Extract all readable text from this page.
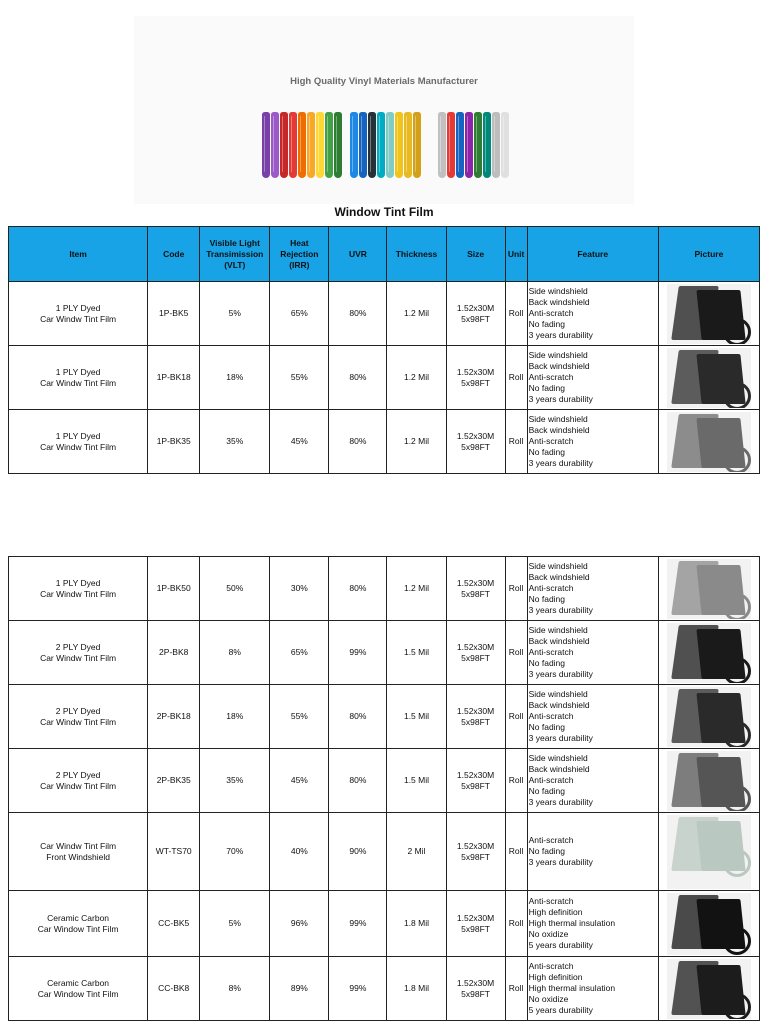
High Quality Vinyl Materials Manufacturer
Window Tint Film
Item	Code	Visible Light
Transimission
(VLT)	Heat
Rejection
(IRR)	UVR	Thickness	Size	Unit	Feature	Picture
1 PLY Dyed
Car Windw Tint Film	1P-BK5	5%	65%	80%	1.2 Mil	1.52x30M
5x98FT	Roll	Side windshield
Back windshield
Anti-scratch
No fading
3 years durability	

1 PLY Dyed
Car Windw Tint Film	1P-BK18	18%	55%	80%	1.2 Mil	1.52x30M
5x98FT	Roll	Side windshield
Back windshield
Anti-scratch
No fading
3 years durability	

1 PLY Dyed
Car Windw Tint Film	1P-BK35	35%	45%	80%	1.2 Mil	1.52x30M
5x98FT	Roll	Side windshield
Back windshield
Anti-scratch
No fading
3 years durability	
1 PLY Dyed
Car Windw Tint Film	1P-BK50	50%	30%	80%	1.2 Mil	1.52x30M
5x98FT	Roll	Side windshield
Back windshield
Anti-scratch
No fading
3 years durability	

2 PLY Dyed
Car Windw Tint Film	2P-BK8	8%	65%	99%	1.5 Mil	1.52x30M
5x98FT	Roll	Side windshield
Back windshield
Anti-scratch
No fading
3 years durability	

2 PLY Dyed
Car Windw Tint Film	2P-BK18	18%	55%	80%	1.5 Mil	1.52x30M
5x98FT	Roll	Side windshield
Back windshield
Anti-scratch
No fading
3 years durability	

2 PLY Dyed
Car Windw Tint Film	2P-BK35	35%	45%	80%	1.5 Mil	1.52x30M
5x98FT	Roll	Side windshield
Back windshield
Anti-scratch
No fading
3 years durability	

Car Windw Tint Film
Front Windshield	WT-TS70	70%	40%	90%	2 Mil	1.52x30M
5x98FT	Roll	Anti-scratch
No fading
3 years durability	

Ceramic Carbon
Car Window Tint Film	CC-BK5	5%	96%	99%	1.8 Mil	1.52x30M
5x98FT	Roll	Anti-scratch
High definition
High thermal insulation
No oxidize
5 years durability	

Ceramic Carbon
Car Window Tint Film	CC-BK8	8%	89%	99%	1.8 Mil	1.52x30M
5x98FT	Roll	Anti-scratch
High definition
High thermal insulation
No oxidize
5 years durability	
